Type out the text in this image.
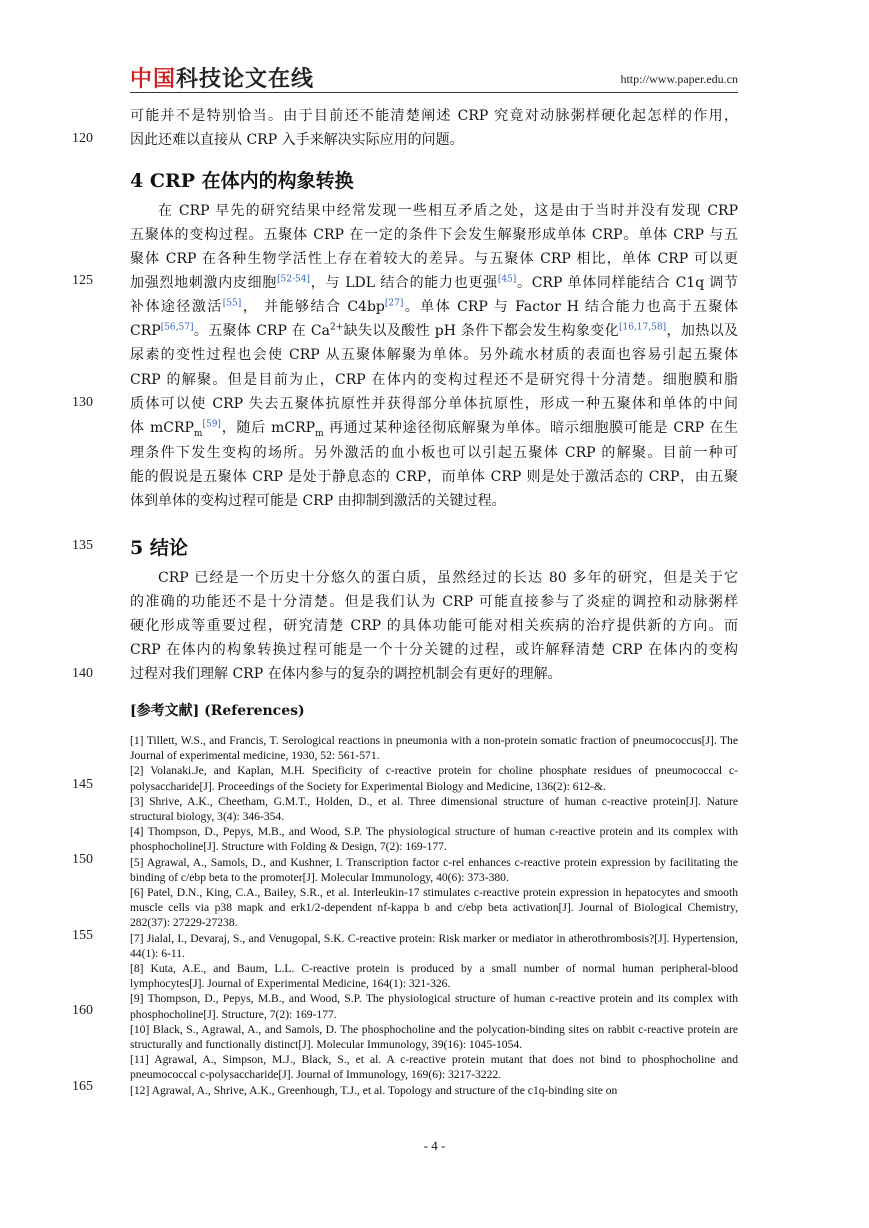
中国科技论文在线	http://www.paper.edu.cn
120
125
130
135
140
145
150
155
160
165
可能并不是特别恰当。由于目前还不能清楚阐述 CRP 究竟对动脉粥样硬化起怎样的作用，
因此还难以直接从 CRP 入手来解决实际应用的问题。
4 CRP 在体内的构象转换
在 CRP 早先的研究结果中经常发现一些相互矛盾之处，这是由于当时并没有发现 CRP
五聚体的变构过程。五聚体 CRP 在一定的条件下会发生解聚形成单体 CRP。单体 CRP 与五
聚体 CRP 在各种生物学活性上存在着较大的差异。与五聚体 CRP 相比，单体 CRP 可以更
加强烈地刺激内皮细胞[52-54]，与 LDL 结合的能力也更强[45]。CRP 单体同样能结合 C1q 调节
补体途径激活[55]， 并能够结合 C4bp[27]。单体 CRP 与 Factor H 结合能力也高于五聚体
CRP[56,57]。五聚体 CRP 在 $Ca^{2+}$缺失以及酸性 pH 条件下都会发生构象变化[16,17,58]，加热以及
尿素的变性过程也会使 CRP 从五聚体解聚为单体。另外疏水材质的表面也容易引起五聚体
CRP 的解聚。但是目前为止，CRP 在体内的变构过程还不是研究得十分清楚。细胞膜和脂
质体可以使 CRP 失去五聚体抗原性并获得部分单体抗原性，形成一种五聚体和单体的中间
体 mCRP$_m$[59]，随后 mCRP$_m$ 再通过某种途径彻底解聚为单体。暗示细胞膜可能是 CRP 在生
理条件下发生变构的场所。另外激活的血小板也可以引起五聚体 CRP 的解聚。目前一种可
能的假说是五聚体 CRP 是处于静息态的 CRP，而单体 CRP 则是处于激活态的 CRP，由五聚
体到单体的变构过程可能是 CRP 由抑制到激活的关键过程。
5 结论
CRP 已经是一个历史十分悠久的蛋白质，虽然经过的长达 80 多年的研究，但是关于它
的准确的功能还不是十分清楚。但是我们认为 CRP 可能直接参与了炎症的调控和动脉粥样
硬化形成等重要过程，研究清楚 CRP 的具体功能可能对相关疾病的治疗提供新的方向。而
CRP 在体内的构象转换过程可能是一个十分关键的过程，或许解释清楚 CRP 在体内的变构
过程对我们理解 CRP 在体内参与的复杂的调控机制会有更好的理解。
[参考文献] (References)

[1] Tillett, W.S., and Francis, T. Serological reactions in pneumonia with a non-protein somatic fraction of pneumococcus[J]. The Journal of experimental medicine, 1930, 52: 561-571.

[2] Volanaki.Je, and Kaplan, M.H. Specificity of c-reactive protein for choline phosphate residues of pneumococcal c-polysaccharide[J]. Proceedings of the Society for Experimental Biology and Medicine, 136(2): 612-&.

[3] Shrive, A.K., Cheetham, G.M.T., Holden, D., et al. Three dimensional structure of human c-reactive protein[J]. Nature structural biology, 3(4): 346-354.

[4] Thompson, D., Pepys, M.B., and Wood, S.P. The physiological structure of human c-reactive protein and its complex with phosphocholine[J]. Structure with Folding & Design, 7(2): 169-177.

[5] Agrawal, A., Samols, D., and Kushner, I. Transcription factor c-rel enhances c-reactive protein expression by facilitating the binding of c/ebp beta to the promoter[J]. Molecular Immunology, 40(6): 373-380.

[6] Patel, D.N., King, C.A., Bailey, S.R., et al. Interleukin-17 stimulates c-reactive protein expression in hepatocytes and smooth muscle cells via p38 mapk and erk1/2-dependent nf-kappa b and c/ebp beta activation[J]. Journal of Biological Chemistry, 282(37): 27229-27238.

[7] Jialal, I., Devaraj, S., and Venugopal, S.K. C-reactive protein: Risk marker or mediator in atherothrombosis?[J]. Hypertension, 44(1): 6-11.

[8] Kuta, A.E., and Baum, L.L. C-reactive protein is produced by a small number of normal human peripheral-blood lymphocytes[J]. Journal of Experimental Medicine, 164(1): 321-326.

[9] Thompson, D., Pepys, M.B., and Wood, S.P. The physiological structure of human c-reactive protein and its complex with phosphocholine[J]. Structure, 7(2): 169-177.

[10] Black, S., Agrawal, A., and Samols, D. The phosphocholine and the polycation-binding sites on rabbit c-reactive protein are structurally and functionally distinct[J]. Molecular Immunology, 39(16): 1045-1054.

[11] Agrawal, A., Simpson, M.J., Black, S., et al. A c-reactive protein mutant that does not bind to phosphocholine and pneumococcal c-polysaccharide[J]. Journal of Immunology, 169(6): 3217-3222.

[12] Agrawal, A., Shrive, A.K., Greenhough, T.J., et al. Topology and structure of the c1q-binding site on

- 4 -
